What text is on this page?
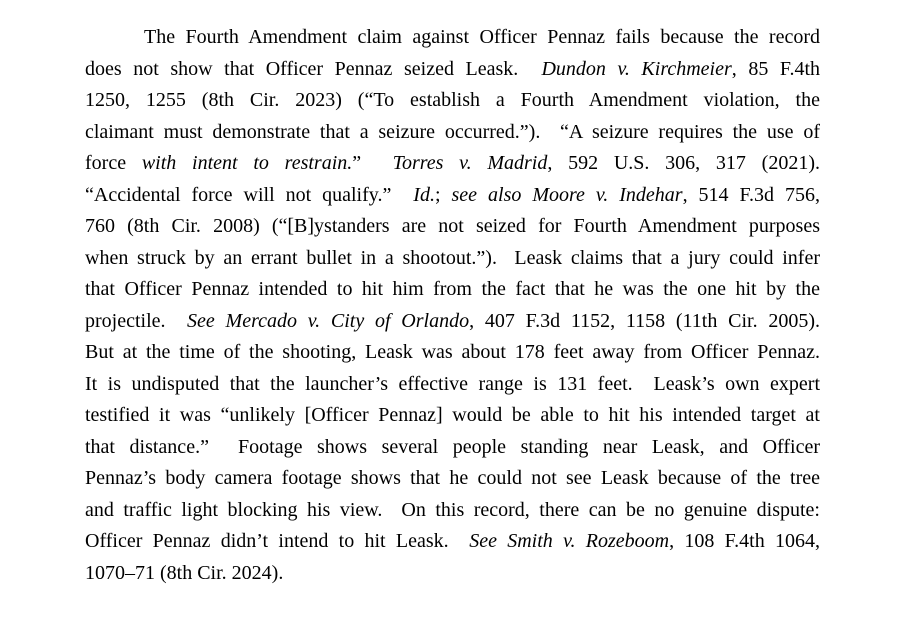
The Fourth Amendment claim against Officer Pennaz fails because the record
does not show that Officer Pennaz seized Leask.  Dundon v. Kirchmeier, 85 F.4th
1250, 1255 (8th Cir. 2023) (“To establish a Fourth Amendment violation, the
claimant must demonstrate that a seizure occurred.”).  “A seizure requires the use of
force with intent to restrain.”  Torres v. Madrid, 592 U.S. 306, 317 (2021).
“Accidental force will not qualify.”  Id.; see also Moore v. Indehar, 514 F.3d 756,
760 (8th Cir. 2008) (“[B]ystanders are not seized for Fourth Amendment purposes
when struck by an errant bullet in a shootout.”).  Leask claims that a jury could infer
that Officer Pennaz intended to hit him from the fact that he was the one hit by the
projectile.  See Mercado v. City of Orlando, 407 F.3d 1152, 1158 (11th Cir. 2005).
But at the time of the shooting, Leask was about 178 feet away from Officer Pennaz.
It is undisputed that the launcher’s effective range is 131 feet.  Leask’s own expert
testified it was “unlikely [Officer Pennaz] would be able to hit his intended target at
that distance.”  Footage shows several people standing near Leask, and Officer
Pennaz’s body camera footage shows that he could not see Leask because of the tree
and traffic light blocking his view.  On this record, there can be no genuine dispute:
Officer Pennaz didn’t intend to hit Leask.  See Smith v. Rozeboom, 108 F.4th 1064,
1070–71 (8th Cir. 2024).
